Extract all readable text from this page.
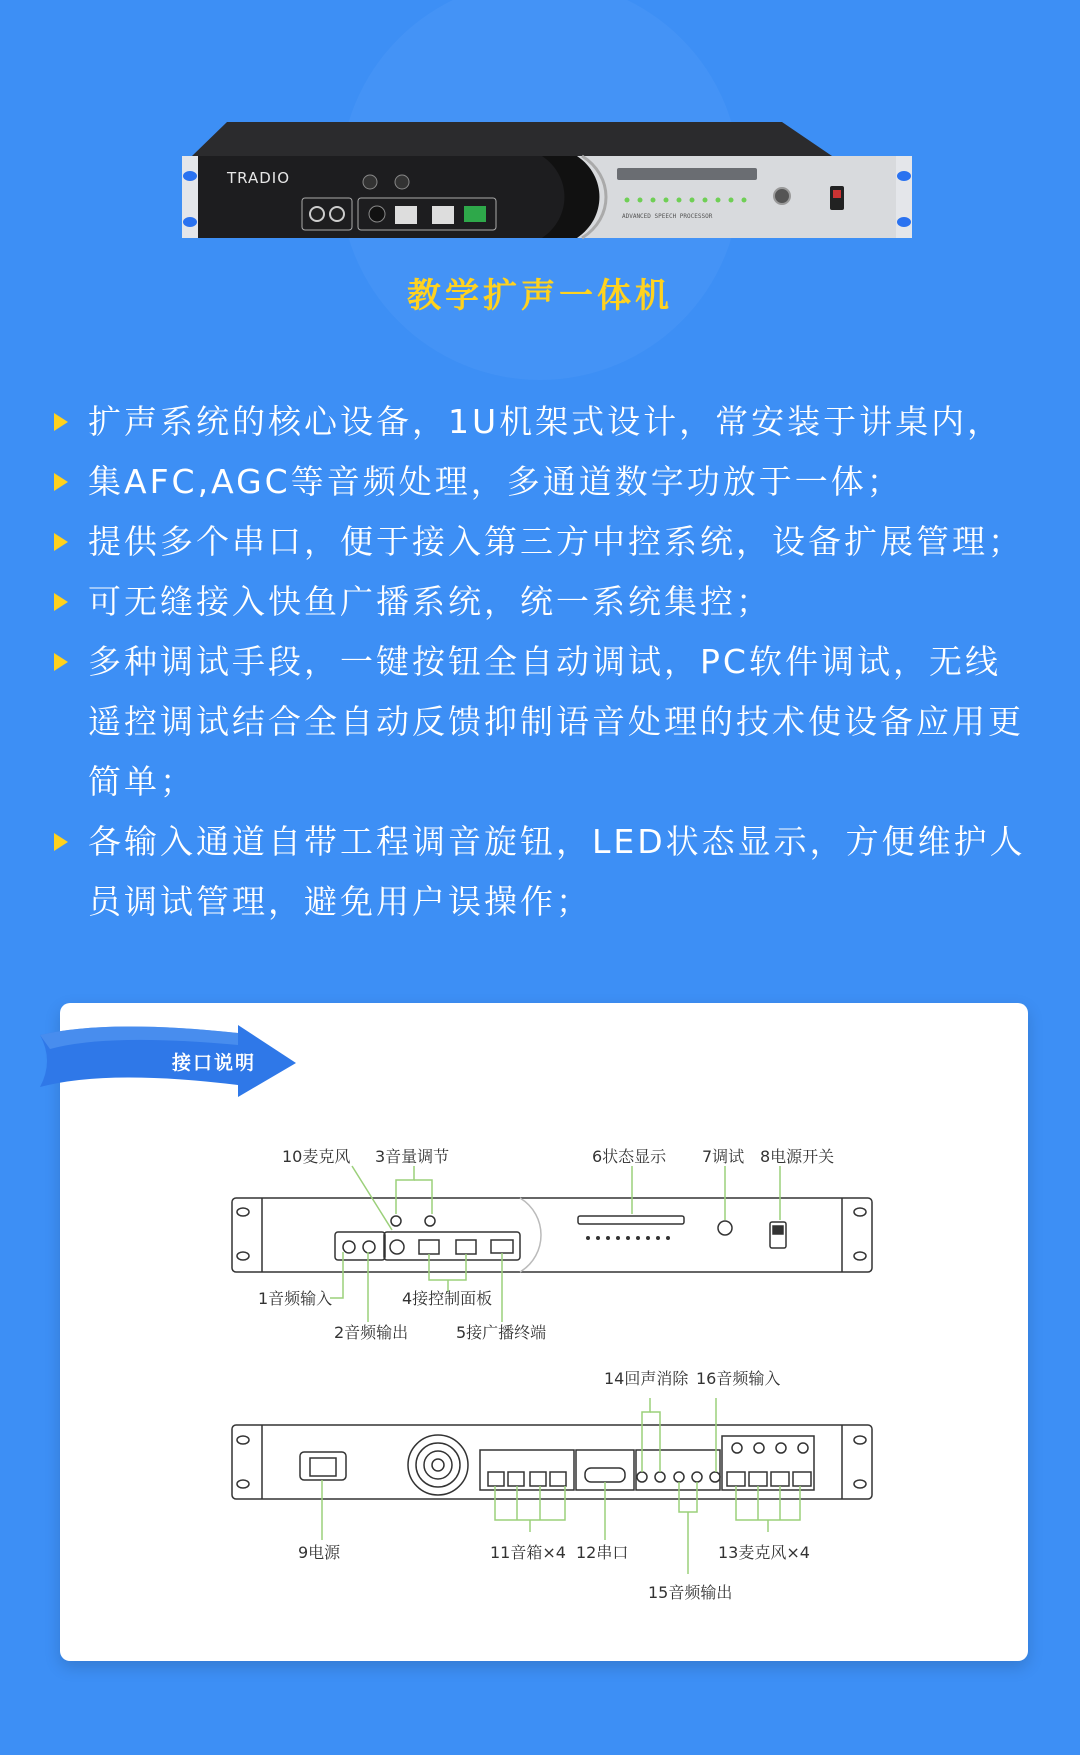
TRADIO
ADVANCED SPEECH PROCESSOR
教学扩声一体机
扩声系统的核心设备，1U机架式设计，常安装于讲桌内，
集AFC,AGC等音频处理，多通道数字功放于一体；
提供多个串口，便于接入第三方中控系统，设备扩展管理；
可无缝接入快鱼广播系统，统一系统集控；
多种调试手段，一键按钮全自动调试，PC软件调试，无线
遥控调试结合全自动反馈抑制语音处理的技术使设备应用更
简单；
各输入通道自带工程调音旋钮，LED状态显示，方便维护人
员调试管理，避免用户误操作；
接口说明
10麦克风 3音量调节	6状态显示 7调试 8电源开关
1音频输入	4接控制面板
2音频输出	5接广播终端
14回声消除 16音频输入
9电源	11音箱×4 12串口	13麦克风×4
15音频输出
